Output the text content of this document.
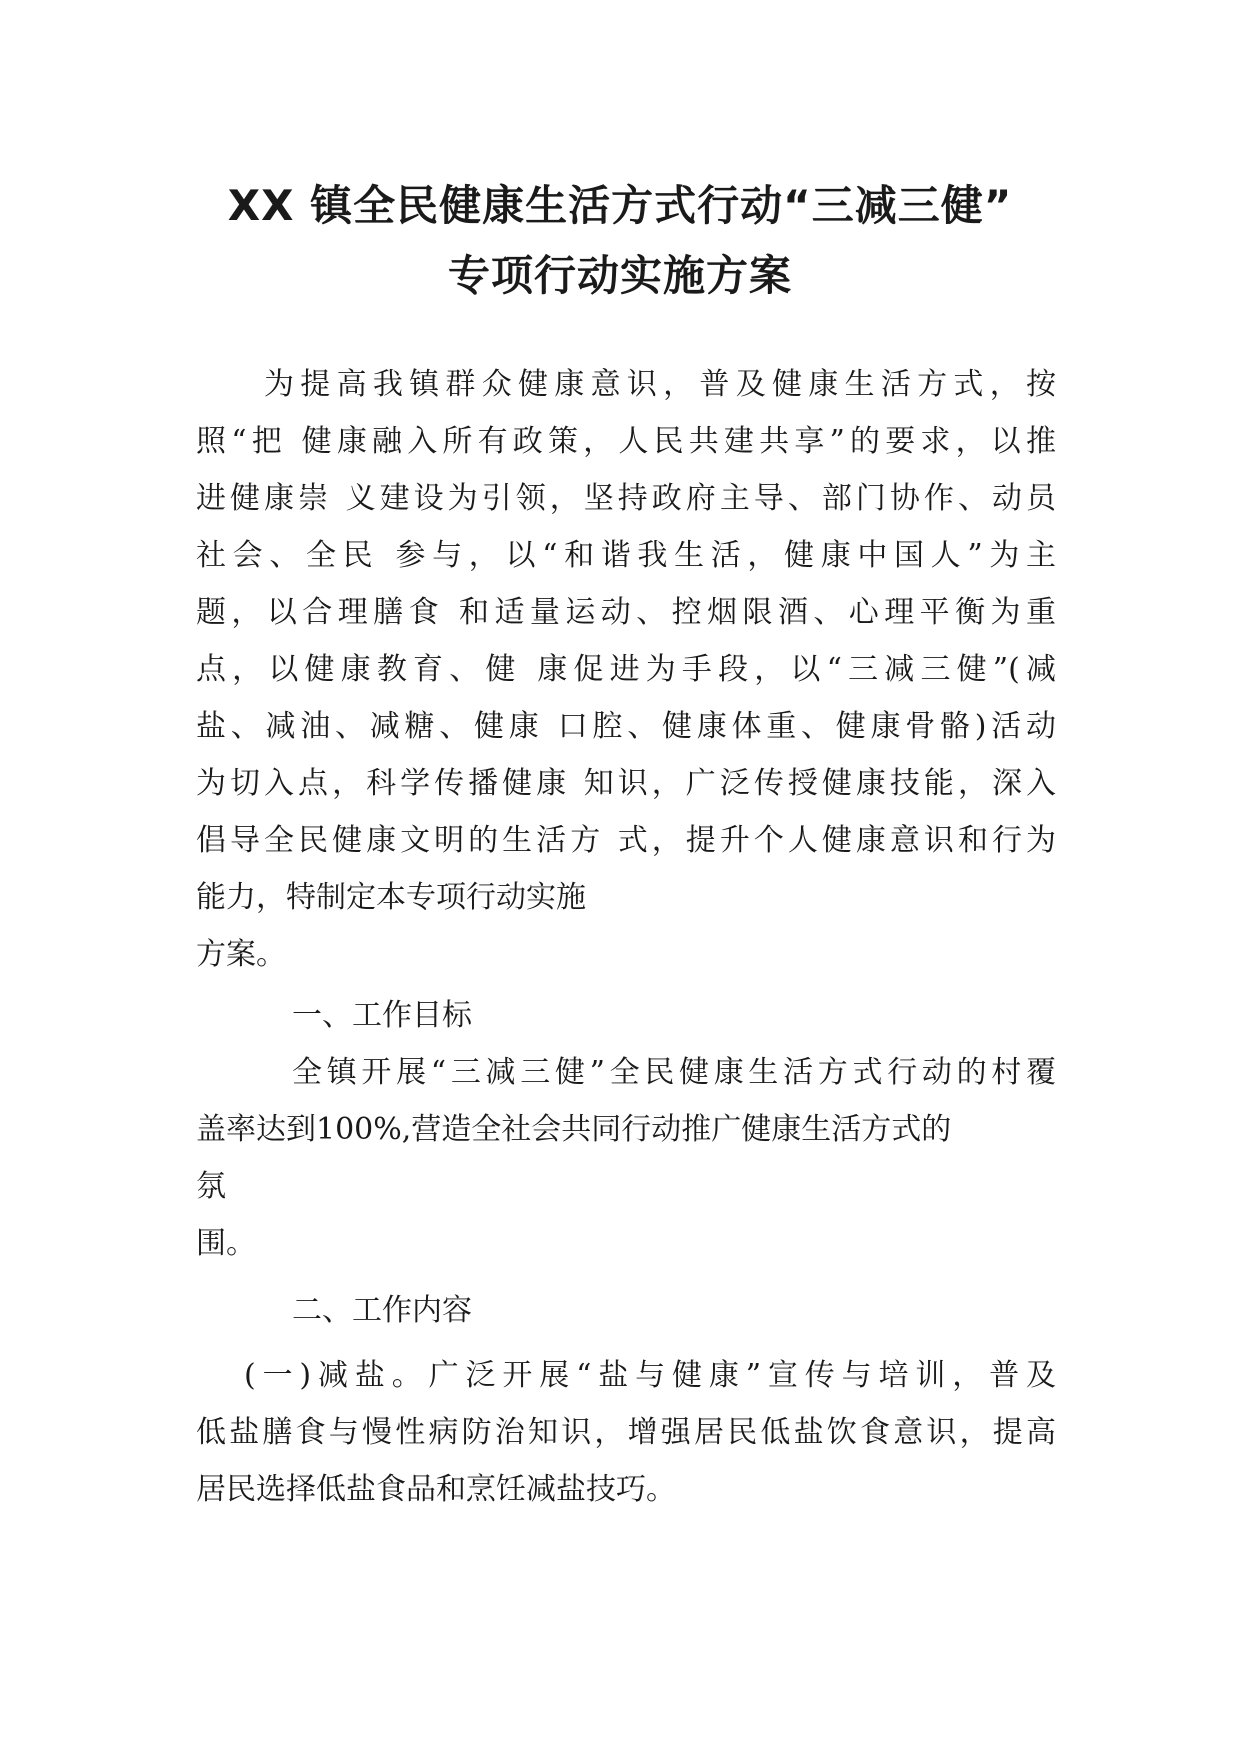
XX 镇全民健康生活方式行动“三减三健”
专项行动实施方案
为提高我镇群众健康意识，普及健康生活方式，按
照“把 健康融入所有政策，人民共建共享”的要求，以推
进健康崇 义建设为引领，坚持政府主导、部门协作、动员
社会、全民 参与，以“和谐我生活，健康中国人”为主
题，以合理膳食 和适量运动、控烟限酒、心理平衡为重
点，以健康教育、健 康促进为手段，以“三减三健”(减
盐、减油、减糖、健康 口腔、健康体重、健康骨骼)活动
为切入点，科学传播健康 知识，广泛传授健康技能，深入
倡导全民健康文明的生活方 式，提升个人健康意识和行为
能力，特制定本专项行动实施
方案。
一、工作目标
全镇开展“三减三健”全民健康生活方式行动的村覆
盖率达到100%,营造全社会共同行动推广健康生活方式的
氛
围。
二、工作内容
(一)减盐。广泛开展“盐与健康”宣传与培训，普及
低盐膳食与慢性病防治知识，增强居民低盐饮食意识，提高
居民选择低盐食品和烹饪减盐技巧。
